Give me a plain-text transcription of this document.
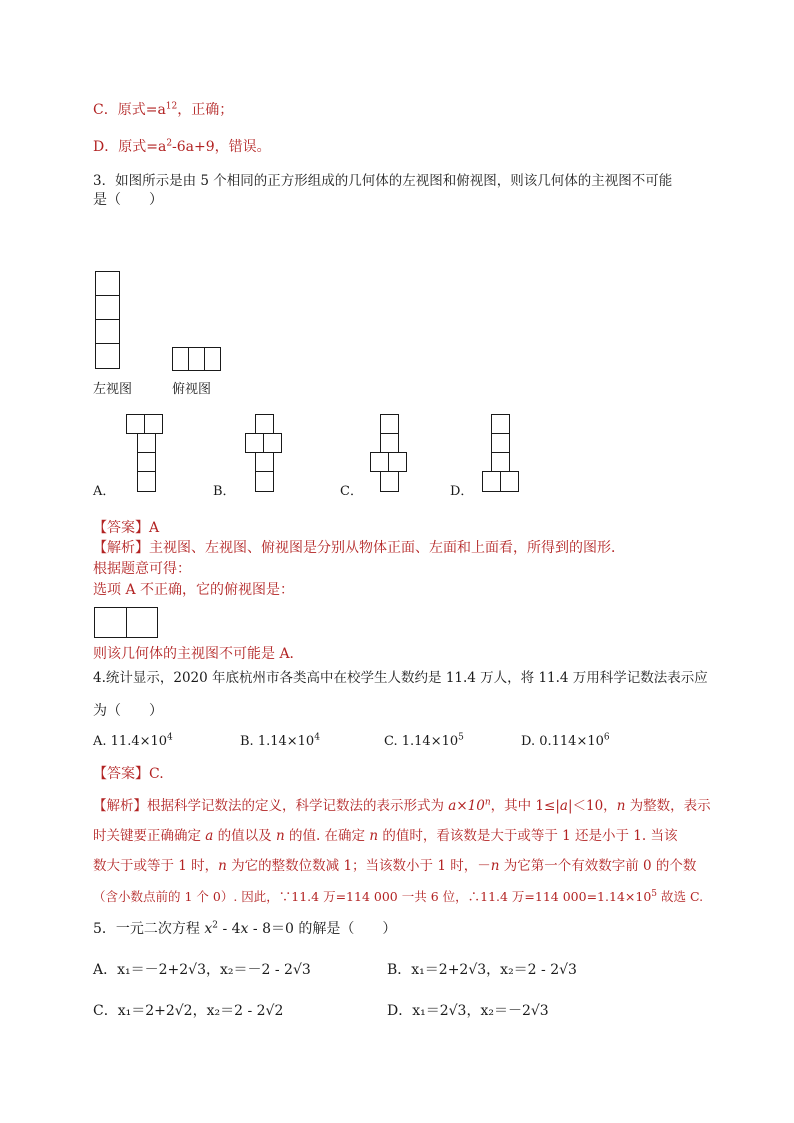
C．原式$=a^{12}$，正确；
D．原式$=a^2-6a+9$，错误。
3．如图所示是由 5 个相同的正方形组成的几何体的左视图和俯视图，则该几何体的主视图不可能
是（　　）
左视图	俯视图
A．	B．	C．	D．
【答案】A
【解析】主视图、左视图、俯视图是分别从物体正面、左面和上面看，所得到的图形．
根据题意可得：
选项 A 不正确，它的俯视图是：
则该几何体的主视图不可能是 A．
4.统计显示，2020 年底杭州市各类高中在校学生人数约是 11.4 万人，将 11.4 万用科学记数法表示应
为（　　）
A. $11.4\times 10^4$	B. $1.14\times 10^4$	C. $1.14\times 10^5$	D. $0.114\times 10^6$
【答案】C.
【解析】根据科学记数法的定义，科学记数法的表示形式为 $a\times 10^n$，其中 1≤|a|＜10，n 为整数，表示
时关键要正确确定 a 的值以及 n 的值. 在确定 n 的值时，看该数是大于或等于 1 还是小于 1. 当该
数大于或等于 1 时，n 为它的整数位数减 1；当该数小于 1 时，－n 为它第一个有效数字前 0 的个数
（含小数点前的 1 个 0）. 因此，∵11.4 万=114 000 一共 6 位，∴11.4 万=114 $000=1.14\times 10^5$ 故选 C.
5．一元二次方程 $x^2 - 4x - 8=0$ 的解是（　　）
A．x₁＝－2+2√3，x₂＝－2 - 2√3	B．x₁＝2+2√3，x₂＝2 - 2√3
C．x₁＝2+2√2，x₂＝2 - 2√2	D．x₁＝2√3，x₂＝－2√3
